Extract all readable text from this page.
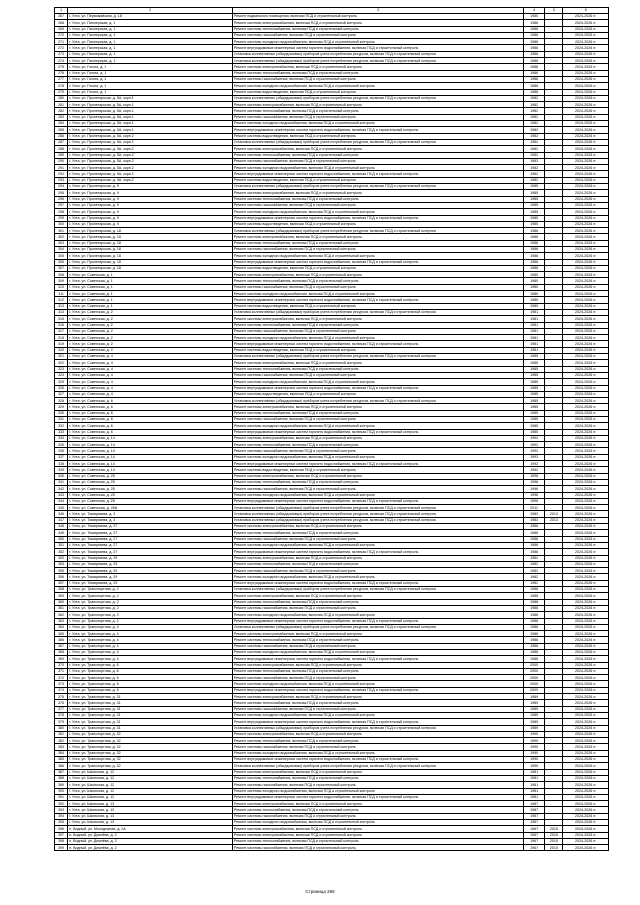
1	2	3	4	5	6
267	г. Ухта, ул. Первомайская, д. 18	Ремонт подвального помещения, включая ПСД и строительный контроль	1980		2024-2026 гг.
268	г. Ухта, ул. Пионерская, д. 1	Ремонт системы электроснабжения, включая ПСД и строительный контроль	1986		2024-2026 гг.
269	г. Ухта, ул. Пионерская, д. 1	Ремонт системы теплоснабжения, включая ПСД и строительный контроль	1986		2024-2026 гг.
270	г. Ухта, ул. Пионерская, д. 1	Ремонт системы газоснабжения, включая ПСД и строительный контроль	1986		2024-2026 гг.
271	г. Ухта, ул. Пионерская, д. 1	Ремонт системы холодного водоснабжения, включая ПСД и строительный контроль	1986		2024-2026 гг.
272	г. Ухта, ул. Пионерская, д. 1	Ремонт внутридомовых инженерных систем горячего водоснабжения, включая ПСД и строительный контроль	1986		2024-2026 гг.
273	г. Ухта, ул. Пионерская, д. 1	Установка коллективных (общедомовых) приборов учета потребления ресурсов, включая ПСД и строительный контроль	1986		2024-2026 гг.
274	г. Ухта, ул. Пионерская, д. 1	Установка коллективных (общедомовых) приборов учета потребления ресурсов, включая ПСД и строительный контроль	1986		2024-2026 гг.
275	г. Ухта, ул. Гоголя, д. 1	Ремонт системы электроснабжения, включая ПСД и строительный контроль	1986		2024-2026 гг.
276	г. Ухта, ул. Гоголя, д. 1	Ремонт системы теплоснабжения, включая ПСД и строительный контроль	1986		2024-2026 гг.
277	г. Ухта, ул. Гоголя, д. 1	Ремонт системы газоснабжения, включая ПСД и строительный контроль	1986		2024-2026 гг.
278	г. Ухта, ул. Гоголя, д. 1	Ремонт системы холодного водоснабжения, включая ПСД и строительный контроль	1986		2024-2026 гг.
279	г. Ухта, ул. Гоголя, д. 1	Ремонт системы водоотведения, включая ПСД и строительный контроль	1986		2024-2026 гг.
280	г. Ухта, ул. Пролетарская, д. 5А, корп.1	Установка коллективных (общедомовых) приборов учета потребления ресурсов, включая ПСД и строительный контроль	1982		2024-2026 гг.
281	г. Ухта, ул. Пролетарская, д. 5А, корп.1	Ремонт системы электроснабжения, включая ПСД и строительный контроль	1982		2024-2026 гг.
282	г. Ухта, ул. Пролетарская, д. 5А, корп.1	Ремонт системы теплоснабжения, включая ПСД и строительный контроль	1982		2024-2026 гг.
283	г. Ухта, ул. Пролетарская, д. 5А, корп.1	Ремонт системы газоснабжения, включая ПСД и строительный контроль	1982		2024-2026 гг.
284	г. Ухта, ул. Пролетарская, д. 5А, корп.1	Ремонт системы холодного водоснабжения, включая ПСД и строительный контроль	1982		2024-2026 гг.
285	г. Ухта, ул. Пролетарская, д. 5А, корп.1	Ремонт внутридомовых инженерных систем горячего водоснабжения, включая ПСД и строительный контроль	1982		2024-2026 гг.
286	г. Ухта, ул. Пролетарская, д. 5А, корп.2	Ремонт системы водоотведения, включая ПСД и строительный контроль	1982		2024-2026 гг.
287	г. Ухта, ул. Пролетарская, д. 5А, корп.2	Установка коллективных (общедомовых) приборов учета потребления ресурсов, включая ПСД и строительный контроль	1982		2024-2026 гг.
288	г. Ухта, ул. Пролетарская, д. 5А, корп.2	Ремонт системы электроснабжения, включая ПСД и строительный контроль	1982		2024-2026 гг.
289	г. Ухта, ул. Пролетарская, д. 5А, корп.2	Ремонт системы теплоснабжения, включая ПСД и строительный контроль	1982		2024-2026 гг.
290	г. Ухта, ул. Пролетарская, д. 5А, корп.2	Ремонт системы газоснабжения, включая ПСД и строительный контроль	1982		2024-2026 гг.
291	г. Ухта, ул. Пролетарская, д. 5А, корп.2	Ремонт системы холодного водоснабжения, включая ПСД и строительный контроль	1982		2024-2026 гг.
292	г. Ухта, ул. Пролетарская, д. 5А, корп.2	Ремонт внутридомовых инженерных систем горячего водоснабжения, включая ПСД и строительный контроль	1982		2024-2026 гг.
293	г. Ухта, ул. Пролетарская, д. 5А, корп.2	Ремонт системы водоотведения, включая ПСД и строительный контроль	1982		2024-2026 гг.
294	г. Ухта, ул. Пролетарская, д. 9	Установка коллективных (общедомовых) приборов учета потребления ресурсов, включая ПСД и строительный контроль	1985		2024-2026 гг.
295	г. Ухта, ул. Пролетарская, д. 9	Ремонт системы электроснабжения, включая ПСД и строительный контроль	1985		2024-2026 гг.
296	г. Ухта, ул. Пролетарская, д. 9	Ремонт системы теплоснабжения, включая ПСД и строительный контроль	1985		2024-2026 гг.
297	г. Ухта, ул. Пролетарская, д. 9	Ремонт системы газоснабжения, включая ПСД и строительный контроль	1985		2024-2026 гг.
298	г. Ухта, ул. Пролетарская, д. 9	Ремонт системы холодного водоснабжения, включая ПСД и строительный контроль	1985		2024-2026 гг.
299	г. Ухта, ул. Пролетарская, д. 9	Ремонт внутридомовых инженерных систем горячего водоснабжения, включая ПСД и строительный контроль	1985		2024-2026 гг.
300	г. Ухта, ул. Пролетарская, д. 9	Ремонт системы водоотведения, включая ПСД и строительный контроль	1985		2024-2026 гг.
301	г. Ухта, ул. Пролетарская, д. 18	Установка коллективных (общедомовых) приборов учета потребления ресурсов, включая ПСД и строительный контроль	1986		2024-2026 гг.
302	г. Ухта, ул. Пролетарская, д. 18	Ремонт системы электроснабжения, включая ПСД и строительный контроль	1986		2024-2026 гг.
303	г. Ухта, ул. Пролетарская, д. 18	Ремонт системы теплоснабжения, включая ПСД и строительный контроль	1986		2024-2026 гг.
304	г. Ухта, ул. Пролетарская, д. 18	Ремонт системы газоснабжения, включая ПСД и строительный контроль	1986		2024-2026 гг.
305	г. Ухта, ул. Пролетарская, д. 18	Ремонт системы холодного водоснабжения, включая ПСД и строительный контроль	1986		2024-2026 гг.
306	г. Ухта, ул. Пролетарская, д. 18	Ремонт внутридомовых инженерных систем горячего водоснабжения, включая ПСД и строительный контроль	1986		2024-2026 гг.
307	г. Ухта, ул. Пролетарская, д. 18	Ремонт системы водоотведения, включая ПСД и строительный контроль	1986		2024-2026 гг.
308	г. Ухта, ул. Советская, д. 1	Ремонт системы электроснабжения, включая ПСД и строительный контроль	1980		2024-2026 гг.
309	г. Ухта, ул. Советская, д. 1	Ремонт системы теплоснабжения, включая ПСД и строительный контроль	1980		2024-2026 гг.
310	г. Ухта, ул. Советская, д. 1	Ремонт системы газоснабжения, включая ПСД и строительный контроль	1980		2024-2026 гг.
311	г. Ухта, ул. Советская, д. 1	Ремонт системы холодного водоснабжения, включая ПСД и строительный контроль	1980		2024-2026 гг.
312	г. Ухта, ул. Советская, д. 1	Ремонт внутридомовых инженерных систем горячего водоснабжения, включая ПСД и строительный контроль	1980		2024-2026 гг.
313	г. Ухта, ул. Советская, д. 1	Ремонт системы водоотведения, включая ПСД и строительный контроль	1980		2024-2026 гг.
314	г. Ухта, ул. Советская, д. 2	Установка коллективных (общедомовых) приборов учета потребления ресурсов, включая ПСД и строительный контроль	1981		2024-2026 гг.
315	г. Ухта, ул. Советская, д. 2	Ремонт системы электроснабжения, включая ПСД и строительный контроль	1981		2024-2026 гг.
316	г. Ухта, ул. Советская, д. 2	Ремонт системы теплоснабжения, включая ПСД и строительный контроль	1981		2024-2026 гг.
317	г. Ухта, ул. Советская, д. 2	Ремонт системы газоснабжения, включая ПСД и строительный контроль	1981		2024-2026 гг.
318	г. Ухта, ул. Советская, д. 2	Ремонт системы холодного водоснабжения, включая ПСД и строительный контроль	1981		2024-2026 гг.
319	г. Ухта, ул. Советская, д. 2	Ремонт внутридомовых инженерных систем горячего водоснабжения, включая ПСД и строительный контроль	1981		2024-2026 гг.
320	г. Ухта, ул. Советская, д. 2	Ремонт системы водоотведения, включая ПСД и строительный контроль	1981		2024-2026 гг.
321	г. Ухта, ул. Советская, д. 4	Установка коллективных (общедомовых) приборов учета потребления ресурсов, включая ПСД и строительный контроль	1985		2024-2026 гг.
322	г. Ухта, ул. Советская, д. 4	Ремонт системы электроснабжения, включая ПСД и строительный контроль	1985		2024-2026 гг.
323	г. Ухта, ул. Советская, д. 4	Ремонт системы теплоснабжения, включая ПСД и строительный контроль	1985		2024-2026 гг.
324	г. Ухта, ул. Советская, д. 4	Ремонт системы газоснабжения, включая ПСД и строительный контроль	1985		2024-2026 гг.
325	г. Ухта, ул. Советская, д. 4	Ремонт системы холодного водоснабжения, включая ПСД и строительный контроль	1985		2024-2026 гг.
326	г. Ухта, ул. Советская, д. 4	Ремонт внутридомовых инженерных систем горячего водоснабжения, включая ПСД и строительный контроль	1985		2024-2026 гг.
327	г. Ухта, ул. Советская, д. 4	Ремонт системы водоотведения, включая ПСД и строительный контроль	1985		2024-2026 гг.
328	г. Ухта, ул. Советская, д. 6	Установка коллективных (общедомовых) приборов учета потребления ресурсов, включая ПСД и строительный контроль	1985		2024-2026 гг.
329	г. Ухта, ул. Советская, д. 6	Ремонт системы электроснабжения, включая ПСД и строительный контроль	1985		2024-2026 гг.
330	г. Ухта, ул. Советская, д. 6	Ремонт системы теплоснабжения, включая ПСД и строительный контроль	1985		2024-2026 гг.
331	г. Ухта, ул. Советская, д. 6	Ремонт системы газоснабжения, включая ПСД и строительный контроль	1985		2024-2026 гг.
332	г. Ухта, ул. Советская, д. 6	Ремонт системы холодного водоснабжения, включая ПСД и строительный контроль	1985		2024-2026 гг.
333	г. Ухта, ул. Советская, д. 6	Ремонт внутридомовых инженерных систем горячего водоснабжения, включая ПСД и строительный контроль	1985		2024-2026 гг.
334	г. Ухта, ул. Советская, д. 14	Ремонт системы электроснабжения, включая ПСД и строительный контроль	1992		2024-2026 гг.
335	г. Ухта, ул. Советская, д. 14	Ремонт системы теплоснабжения, включая ПСД и строительный контроль	1992		2024-2026 гг.
336	г. Ухта, ул. Советская, д. 14	Ремонт системы газоснабжения, включая ПСД и строительный контроль	1992		2024-2026 гг.
337	г. Ухта, ул. Советская, д. 14	Ремонт системы холодного водоснабжения, включая ПСД и строительный контроль	1992		2024-2026 гг.
338	г. Ухта, ул. Советская, д. 14	Ремонт внутридомовых инженерных систем горячего водоснабжения, включая ПСД и строительный контроль	1992		2024-2026 гг.
339	г. Ухта, ул. Советская, д. 14	Ремонт системы водоотведения, включая ПСД и строительный контроль	1992		2024-2026 гг.
340	г. Ухта, ул. Советская, д. 25	Ремонт системы электроснабжения, включая ПСД и строительный контроль	1996		2024-2026 гг.
341	г. Ухта, ул. Советская, д. 25	Ремонт системы теплоснабжения, включая ПСД и строительный контроль	1996		2024-2026 гг.
342	г. Ухта, ул. Советская, д. 25	Ремонт системы газоснабжения, включая ПСД и строительный контроль	1996		2024-2026 гг.
343	г. Ухта, ул. Советская, д. 25	Ремонт системы холодного водоснабжения, включая ПСД и строительный контроль	1996		2024-2026 гг.
344	г. Ухта, ул. Советская, д. 25	Ремонт внутридомовых инженерных систем горячего водоснабжения, включая ПСД и строительный контроль	1996		2024-2026 гг.
345	г. Ухта, ул. Советская, д. 25А	Установка коллективных (общедомовых) приборов учета потребления ресурсов, включая ПСД и строительный контроль	2011		2024-2026 гг.
346	г. Ухта, ул. Тимирязева, д. 3	Установка коллективных (общедомовых) приборов учета потребления ресурсов, включая ПСД и строительный контроль	1983	2013	2024-2026 гг.
347	г. Ухта, ул. Тимирязева, д. 3	Установка коллективных (общедомовых) приборов учета потребления ресурсов, включая ПСД и строительный контроль	1983	2013	2024-2026 гг.
348	г. Ухта, ул. Тимирязева, д. 27	Ремонт системы электроснабжения, включая ПСД и строительный контроль	1986		2024-2026 гг.
349	г. Ухта, ул. Тимирязева, д. 27	Ремонт системы теплоснабжения, включая ПСД и строительный контроль	1986		2024-2026 гг.
350	г. Ухта, ул. Тимирязева, д. 27	Ремонт системы газоснабжения, включая ПСД и строительный контроль	1986		2024-2026 гг.
351	г. Ухта, ул. Тимирязева, д. 27	Ремонт системы холодного водоснабжения, включая ПСД и строительный контроль	1986		2024-2026 гг.
352	г. Ухта, ул. Тимирязева, д. 27	Ремонт внутридомовых инженерных систем горячего водоснабжения, включая ПСД и строительный контроль	1986		2024-2026 гг.
353	г. Ухта, ул. Тимирязева, д. 29	Ремонт системы электроснабжения, включая ПСД и строительный контроль	1982		2024-2026 гг.
354	г. Ухта, ул. Тимирязева, д. 29	Ремонт системы теплоснабжения, включая ПСД и строительный контроль	1982		2024-2026 гг.
355	г. Ухта, ул. Тимирязева, д. 29	Ремонт системы газоснабжения, включая ПСД и строительный контроль	1982		2024-2026 гг.
356	г. Ухта, ул. Тимирязева, д. 29	Ремонт системы холодного водоснабжения, включая ПСД и строительный контроль	1982		2024-2026 гг.
357	г. Ухта, ул. Тимирязева, д. 29	Ремонт внутридомовых инженерных систем горячего водоснабжения, включая ПСД и строительный контроль	1982		2024-2026 гг.
358	г. Ухта, ул. Транспортная, д. 2	Установка коллективных (общедомовых) приборов учета потребления ресурсов, включая ПСД и строительный контроль	1988		2024-2026 гг.
359	г. Ухта, ул. Транспортная, д. 2	Ремонт системы электроснабжения, включая ПСД и строительный контроль	1988		2024-2026 гг.
360	г. Ухта, ул. Транспортная, д. 2	Ремонт системы теплоснабжения, включая ПСД и строительный контроль	1988		2024-2026 гг.
361	г. Ухта, ул. Транспортная, д. 2	Ремонт системы газоснабжения, включая ПСД и строительный контроль	1988		2024-2026 гг.
362	г. Ухта, ул. Транспортная, д. 2	Ремонт системы холодного водоснабжения, включая ПСД и строительный контроль	1988		2024-2026 гг.
363	г. Ухта, ул. Транспортная, д. 2	Ремонт внутридомовых инженерных систем горячего водоснабжения, включая ПСД и строительный контроль	1988		2024-2026 гг.
364	г. Ухта, ул. Транспортная, д. 4	Установка коллективных (общедомовых) приборов учета потребления ресурсов, включая ПСД и строительный контроль	1986		2024-2026 гг.
365	г. Ухта, ул. Транспортная, д. 4	Ремонт системы электроснабжения, включая ПСД и строительный контроль	1986		2024-2026 гг.
366	г. Ухта, ул. Транспортная, д. 4	Ремонт системы теплоснабжения, включая ПСД и строительный контроль	1986		2024-2026 гг.
367	г. Ухта, ул. Транспортная, д. 4	Ремонт системы газоснабжения, включая ПСД и строительный контроль	1986		2024-2026 гг.
368	г. Ухта, ул. Транспортная, д. 4	Ремонт системы холодного водоснабжения, включая ПСД и строительный контроль	1986		2024-2026 гг.
369	г. Ухта, ул. Транспортная, д. 4	Ремонт внутридомовых инженерных систем горячего водоснабжения, включая ПСД и строительный контроль	1986		2024-2026 гг.
370	г. Ухта, ул. Транспортная, д. 6	Ремонт системы электроснабжения, включая ПСД и строительный контроль	2000		2024-2026 гг.
371	г. Ухта, ул. Транспортная, д. 6	Ремонт системы теплоснабжения, включая ПСД и строительный контроль	2000		2024-2026 гг.
372	г. Ухта, ул. Транспортная, д. 6	Ремонт системы газоснабжения, включая ПСД и строительный контроль	2000		2024-2026 гг.
373	г. Ухта, ул. Транспортная, д. 6	Ремонт системы холодного водоснабжения, включая ПСД и строительный контроль	2000		2024-2026 гг.
374	г. Ухта, ул. Транспортная, д. 6	Ремонт внутридомовых инженерных систем горячего водоснабжения, включая ПСД и строительный контроль	2000		2024-2026 гг.
375	г. Ухта, ул. Транспортная, д. 31	Ремонт системы электроснабжения, включая ПСД и строительный контроль	1989		2024-2026 гг.
376	г. Ухта, ул. Транспортная, д. 31	Ремонт системы теплоснабжения, включая ПСД и строительный контроль	1989		2024-2026 гг.
377	г. Ухта, ул. Транспортная, д. 31	Ремонт системы газоснабжения, включая ПСД и строительный контроль	1989		2024-2026 гг.
378	г. Ухта, ул. Транспортная, д. 31	Ремонт системы холодного водоснабжения, включая ПСД и строительный контроль	1989		2024-2026 гг.
379	г. Ухта, ул. Транспортная, д. 31	Ремонт внутридомовых инженерных систем горячего водоснабжения, включая ПСД и строительный контроль	1989		2024-2026 гг.
380	г. Ухта, ул. Транспортная, д. 31	Установка коллективных (общедомовых) приборов учета потребления ресурсов, включая ПСД и строительный контроль	1989		2024-2026 гг.
381	г. Ухта, ул. Транспортная, д. 32	Ремонт системы электроснабжения, включая ПСД и строительный контроль	1990		2024-2026 гг.
382	г. Ухта, ул. Транспортная, д. 32	Ремонт системы теплоснабжения, включая ПСД и строительный контроль	1990		2024-2026 гг.
383	г. Ухта, ул. Транспортная, д. 32	Ремонт системы газоснабжения, включая ПСД и строительный контроль	1990		2024-2026 гг.
384	г. Ухта, ул. Транспортная, д. 32	Ремонт системы холодного водоснабжения, включая ПСД и строительный контроль	1990		2024-2026 гг.
385	г. Ухта, ул. Транспортная, д. 32	Ремонт внутридомовых инженерных систем горячего водоснабжения, включая ПСД и строительный контроль	1990		2024-2026 гг.
386	г. Ухта, ул. Транспортная, д. 32	Установка коллективных (общедомовых) приборов учета потребления ресурсов, включая ПСД и строительный контроль	1990		2024-2026 гг.
387	г. Ухта, ул. Школьная, д. 12	Ремонт системы электроснабжения, включая ПСД и строительный контроль	1981		2024-2026 гг.
388	г. Ухта, ул. Школьная, д. 12	Ремонт системы теплоснабжения, включая ПСД и строительный контроль	1981		2024-2026 гг.
389	г. Ухта, ул. Школьная, д. 12	Ремонт системы газоснабжения, включая ПСД и строительный контроль	1981		2024-2026 гг.
390	г. Ухта, ул. Школьная, д. 12	Ремонт системы холодного водоснабжения, включая ПСД и строительный контроль	1981		2024-2026 гг.
391	г. Ухта, ул. Школьная, д. 12	Ремонт внутридомовых инженерных систем горячего водоснабжения, включая ПСД и строительный контроль	1981		2024-2026 гг.
392	г. Ухта, ул. Школьная, д. 13	Ремонт системы электроснабжения, включая ПСД и строительный контроль	1987		2024-2026 гг.
393	г. Ухта, ул. Школьная, д. 13	Ремонт системы теплоснабжения, включая ПСД и строительный контроль	1987		2024-2026 гг.
394	г. Ухта, ул. Школьная, д. 13	Ремонт системы газоснабжения, включая ПСД и строительный контроль	1987		2024-2026 гг.
395	г. Ухта, ул. Школьная, д. 13	Ремонт системы холодного водоснабжения, включая ПСД и строительный контроль	1987		2024-2026 гг.
396	п. Водный, ул. Молодежная, д. 2А	Ремонт системы электроснабжения, включая ПСД и строительный контроль	1967	2015	2024-2026 гг.
397	п. Водный, ул. Дежнёва, д. 2	Ремонт системы электроснабжения, включая ПСД и строительный контроль	1967	2015	2024-2026 гг.
398	п. Водный, ул. Дежнёва, д. 2	Ремонт системы теплоснабжения, включая ПСД и строительный контроль	1967	2015	2024-2026 гг.
399	п. Водный, ул. Дежнёва, д. 2	Ремонт системы газоснабжения, включая ПСД и строительный контроль	1967	2015	2024-2026 гг.
Страница 258
